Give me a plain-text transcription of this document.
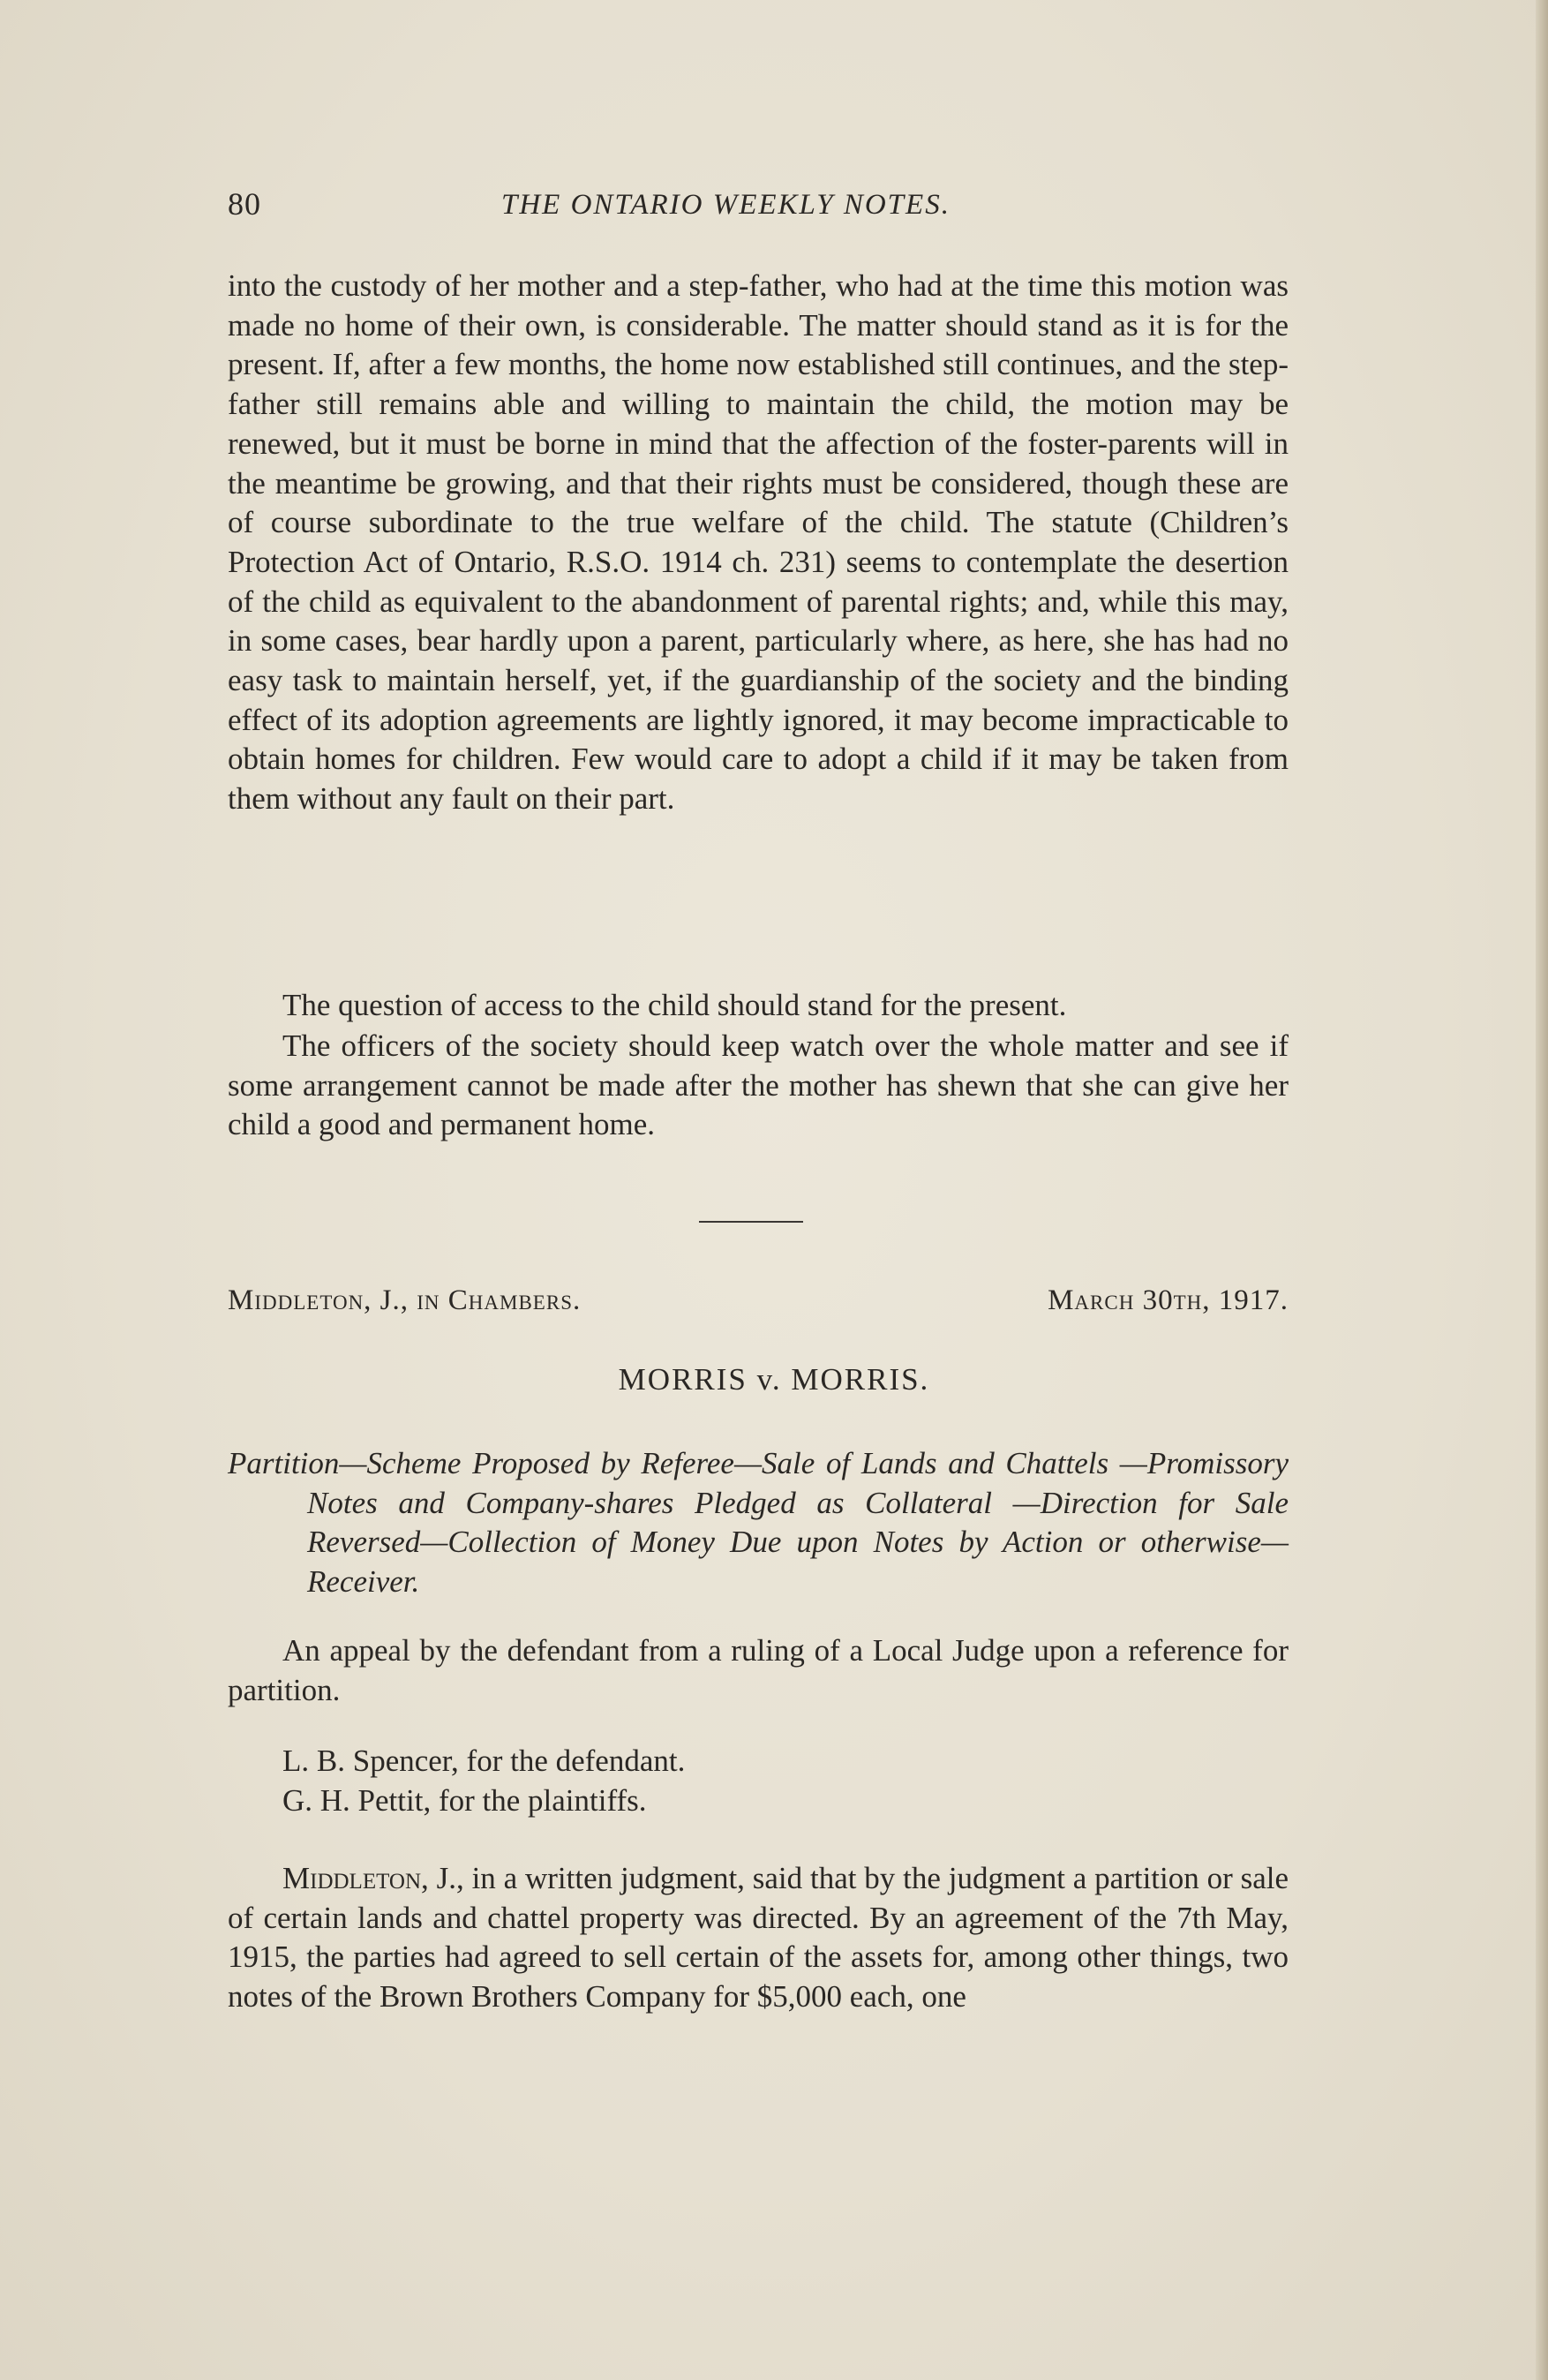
80	THE ONTARIO WEEKLY NOTES.

into the custody of her mother and a step-father, who had at the time this motion was made no home of their own, is considerable. The matter should stand as it is for the present. If, after a few months, the home now established still continues, and the step-father still remains able and willing to maintain the child, the motion may be renewed, but it must be borne in mind that the affection of the foster-parents will in the meantime be growing, and that their rights must be considered, though these are of course subordinate to the true welfare of the child. The statute (Children’s Protection Act of Ontario, R.S.O. 1914 ch. 231) seems to contemplate the desertion of the child as equivalent to the abandonment of parental rights; and, while this may, in some cases, bear hardly upon a parent, particularly where, as here, she has had no easy task to maintain herself, yet, if the guardianship of the society and the binding effect of its adoption agreements are lightly ignored, it may become impracticable to obtain homes for children. Few would care to adopt a child if it may be taken from them without any fault on their part.

The question of access to the child should stand for the present.

The officers of the society should keep watch over the whole matter and see if some arrangement cannot be made after the mother has shewn that she can give her child a good and permanent home.

Middleton, J., in Chambers.	March 30th, 1917.
MORRIS v. MORRIS.

Partition—Scheme Proposed by Referee—Sale of Lands and Chattels —Promissory Notes and Company-shares Pledged as Collateral —Direction for Sale Reversed—Collection of Money Due upon Notes by Action or otherwise—Receiver.

An appeal by the defendant from a ruling of a Local Judge upon a reference for partition.

L. B. Spencer, for the defendant.
G. H. Pettit, for the plaintiffs.

Middleton, J., in a written judgment, said that by the judgment a partition or sale of certain lands and chattel property was directed. By an agreement of the 7th May, 1915, the parties had agreed to sell certain of the assets for, among other things, two notes of the Brown Brothers Company for $5,000 each, one
